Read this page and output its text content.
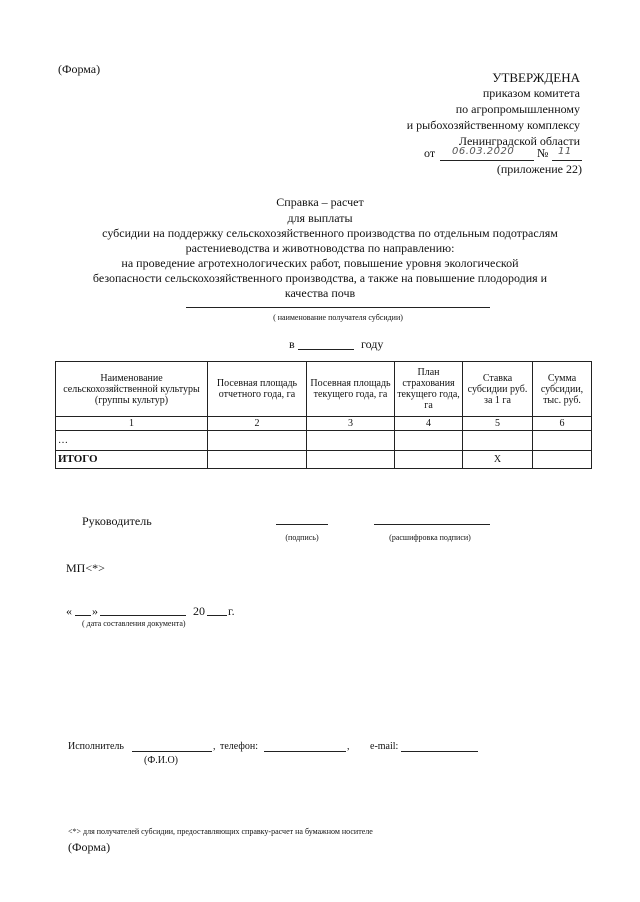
(Форма)
УТВЕРЖДЕНА
приказом комитета
по агропромышленному
и рыбохозяйственному комплексу
Ленинградской области
от 06.03.2020 № 11
(приложение 22)
Справка – расчет
для выплаты
субсидии на поддержку сельскохозяйственного производства по отдельным подотраслям
растениеводства и животноводства по направлению:
на проведение агротехнологических работ, повышение уровня экологической
безопасности сельскохозяйственного производства, а также на повышение плодородия и
качества почв
( наименование получателя субсидии)
в	году
Наименование сельскохозяйственной культуры (группы культур)	Посевная площадь отчетного года, га	Посевная площадь текущего года, га	План страхования текущего года, га	Ставка субсидии руб. за 1 га	Сумма субсидии, тыс. руб.
1	2	3	4	5	6
…					
ИТОГО				Х	
Руководитель
(подпись)	(расшифровка подписи)
МП<*>
« »	20 г.
( дата составления документа)
Исполнитель	, телефон:	, e-mail:
(Ф.И.О)
<*> для получателей субсидии, предоставляющих справку-расчет на бумажном носителе
(Форма)
